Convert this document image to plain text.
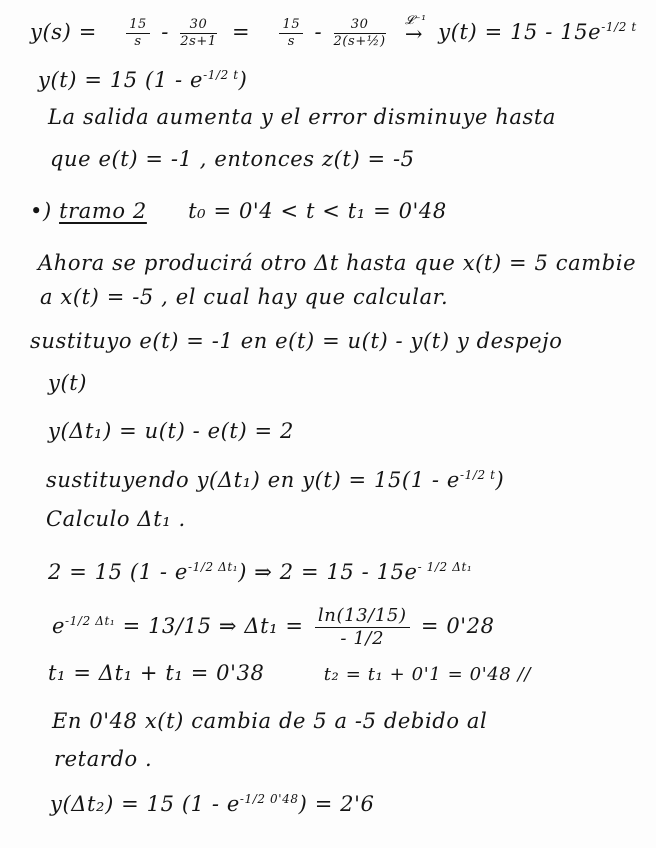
$y(s) = \frac{15}{s} - \frac{30}{2s+1} = \frac{15}{s} - \frac{30}{\text{2(s+½)}}$
𝓛⁻¹
→ $y(t) = 15 - 15e^{-1/2 t}$
y(t) = 15 $(1 - e^{-1/2 t})$
La salida aumenta y el error disminuye hasta
que e(t) = -1 , entonces z(t) = -5
•) tramo 2 t₀ = 0'4 < t < t₁ = 0'48
Ahora se producirá otro Δt hasta que x(t) = 5 cambie
a x(t) = -5 , el cual hay que calcular.
sustituyo e(t) = -1 en e(t) = u(t) - y(t) y despejo
y(t)
y(Δt₁) = u(t) - e(t) = 2
sustituyendo y(Δt₁) en $y(t) = 15(1 - e^{-1/2 t})$
Calculo Δt₁ .
2 = 15 $(1 - e^{-1/2 \Delta t_1})$ ⇒ $2 = 15 - 15e^{- 1/2 \Delta t_1}$
$e^{-1/2 \Delta t_1} = 13/15$ ⇒ $\Delta t_1 = \frac{\ln(13/15)}{- 1/2} = 0'28$
t₁ = Δt₁ + t₁ = 0'38	t₂ = t₁ + 0'1 = 0'48 //
En 0'48 x(t) cambia de 5 a -5 debido al
retardo .
y(Δt₂) = 15 $(1 - e^{-1/2 0'48}) = 2'6$
